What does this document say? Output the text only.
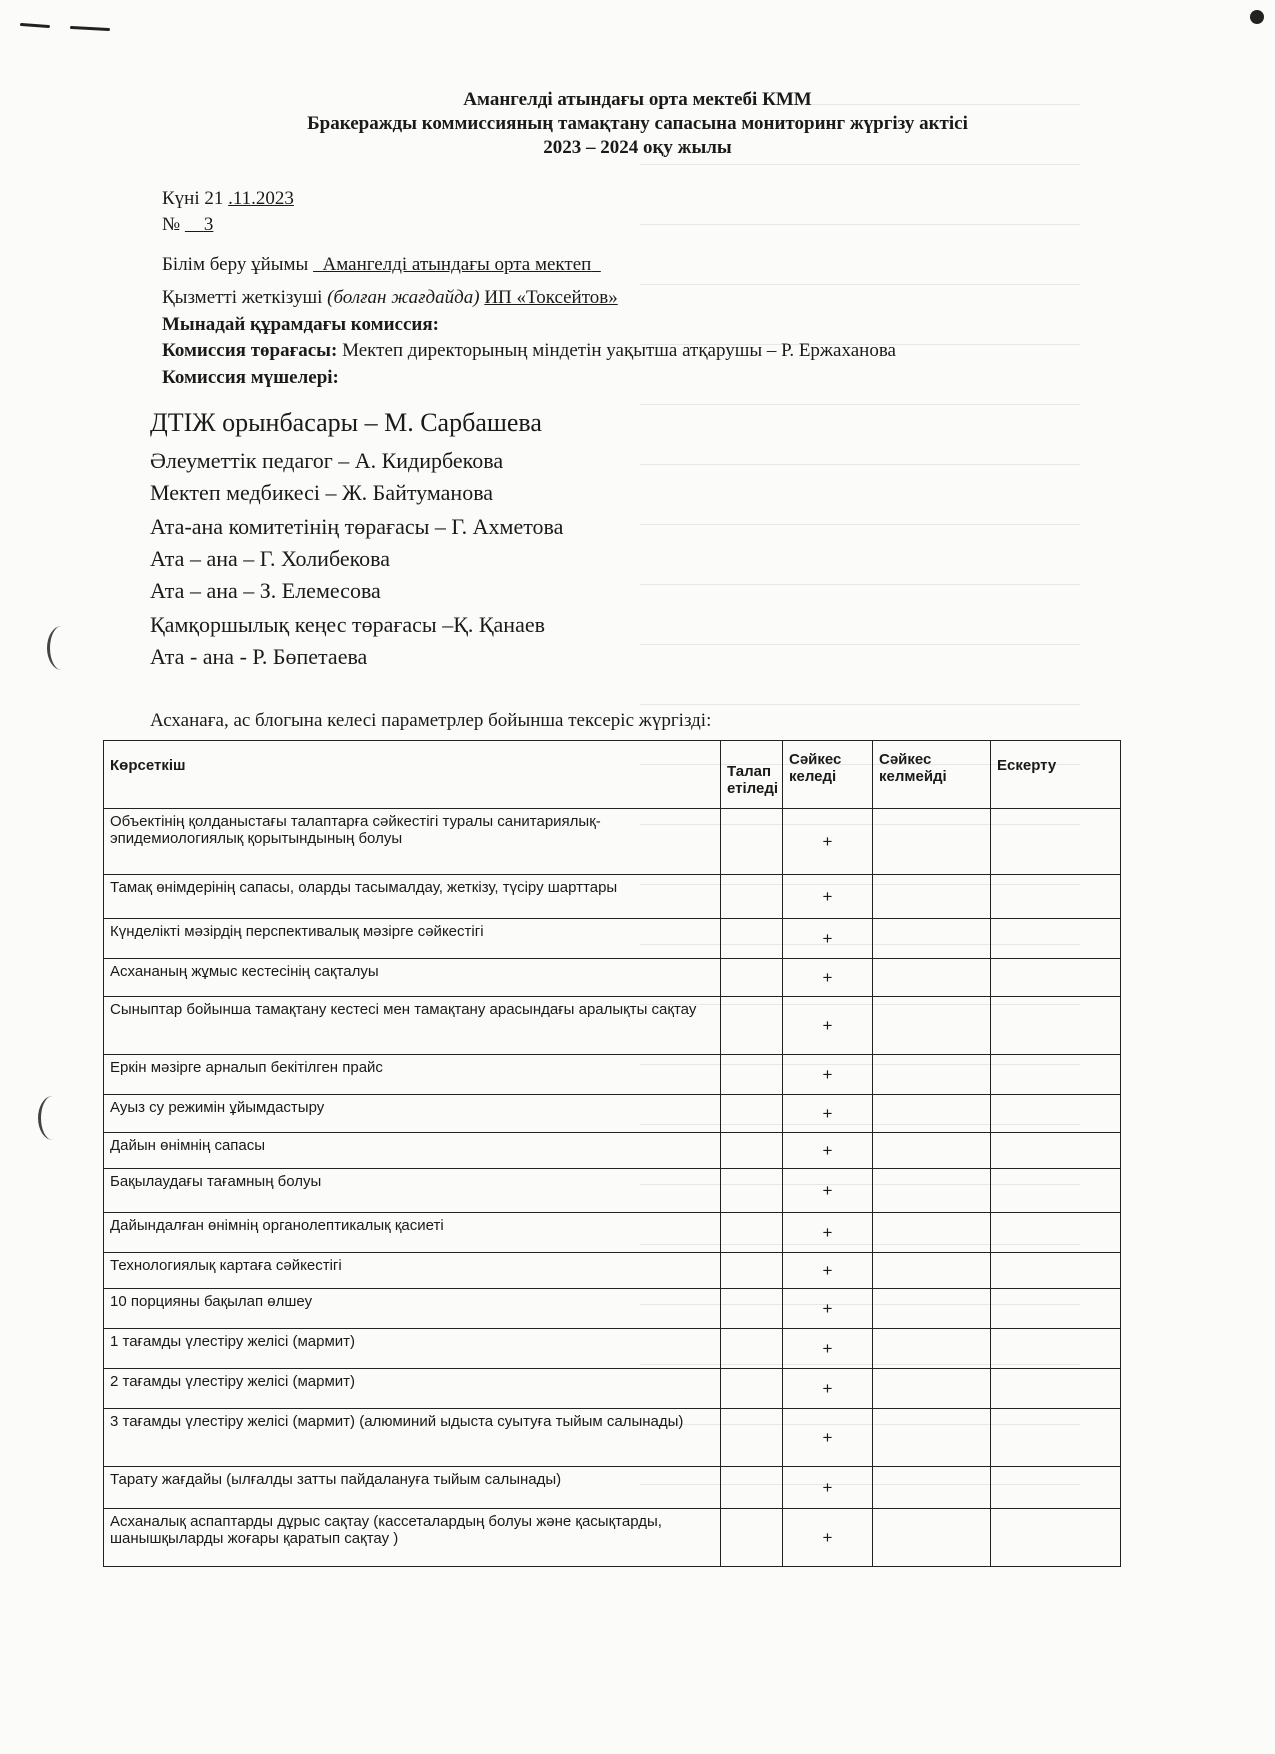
Амангелді атындағы орта мектебі КММ
Бракеражды коммиссияның тамақтану сапасына мониторинг жүргізу актісі
2023 – 2024 оқу жылы
Күні 21 .11.2023
№ 3
Білім беру ұйымы Амангелді атындағы орта мектеп
Қызметті жеткізуші (болған жағдайда) ИП «Токсейтов»
Мынадай құрамдағы комиссия:
Комиссия төрағасы: Мектеп директорының міндетін уақытша атқарушы – Р. Ержаханова
Комиссия мүшелері:
ДТІЖ орынбасары – М. Сарбашева
Әлеуметтік педагог – А. Кидирбекова
Мектеп медбикесі – Ж. Байтуманова
Ата-ана комитетінің төрағасы – Г. Ахметова
Ата – ана – Г. Холибекова
Ата – ана – З. Елемесова
Қамқоршылық кеңес төрағасы –Қ. Қанаев
Ата - ана - Р. Бөпетаева
Асханаға, ас блогына келесі параметрлер бойынша тексеріс жүргізді:
Көрсеткіш	Талап етіледі	Сәйкес келеді	Сәйкес келмейді	Ескерту
Объектінің қолданыстағы талаптарға сәйкестігі туралы санитариялық-эпидемиологиялық қорытындының болуы		+		
Тамақ өнімдерінің сапасы, оларды тасымалдау, жеткізу, түсіру шарттары		+		
Күнделікті мәзірдің перспективалық мәзірге сәйкестігі		+		
Асхананың жұмыс кестесінің сақталуы		+		
Сыныптар бойынша тамақтану кестесі мен тамақтану арасындағы аралықты сақтау		+		
Еркін мәзірге арналып бекітілген прайс		+		
Ауыз су режимін ұйымдастыру		+		
Дайын өнімнің сапасы		+		
Бақылаудағы тағамның болуы		+		
Дайындалған өнімнің органолептикалық қасиеті		+		
Технологиялық картаға сәйкестігі		+		
10 порцияны бақылап өлшеу		+		
1 тағамды үлестіру желісі (мармит)		+		
2 тағамды үлестіру желісі (мармит)		+		
3 тағамды үлестіру желісі (мармит) (алюминий ыдыста суытуға тыйым салынады)		+		
Тарату жағдайы (ылғалды затты пайдалануға тыйым салынады)		+		
Асханалық аспаптарды дұрыс сақтау (кассеталардың болуы және қасықтарды, шанышқыларды жоғары қаратып сақтау )		+		
